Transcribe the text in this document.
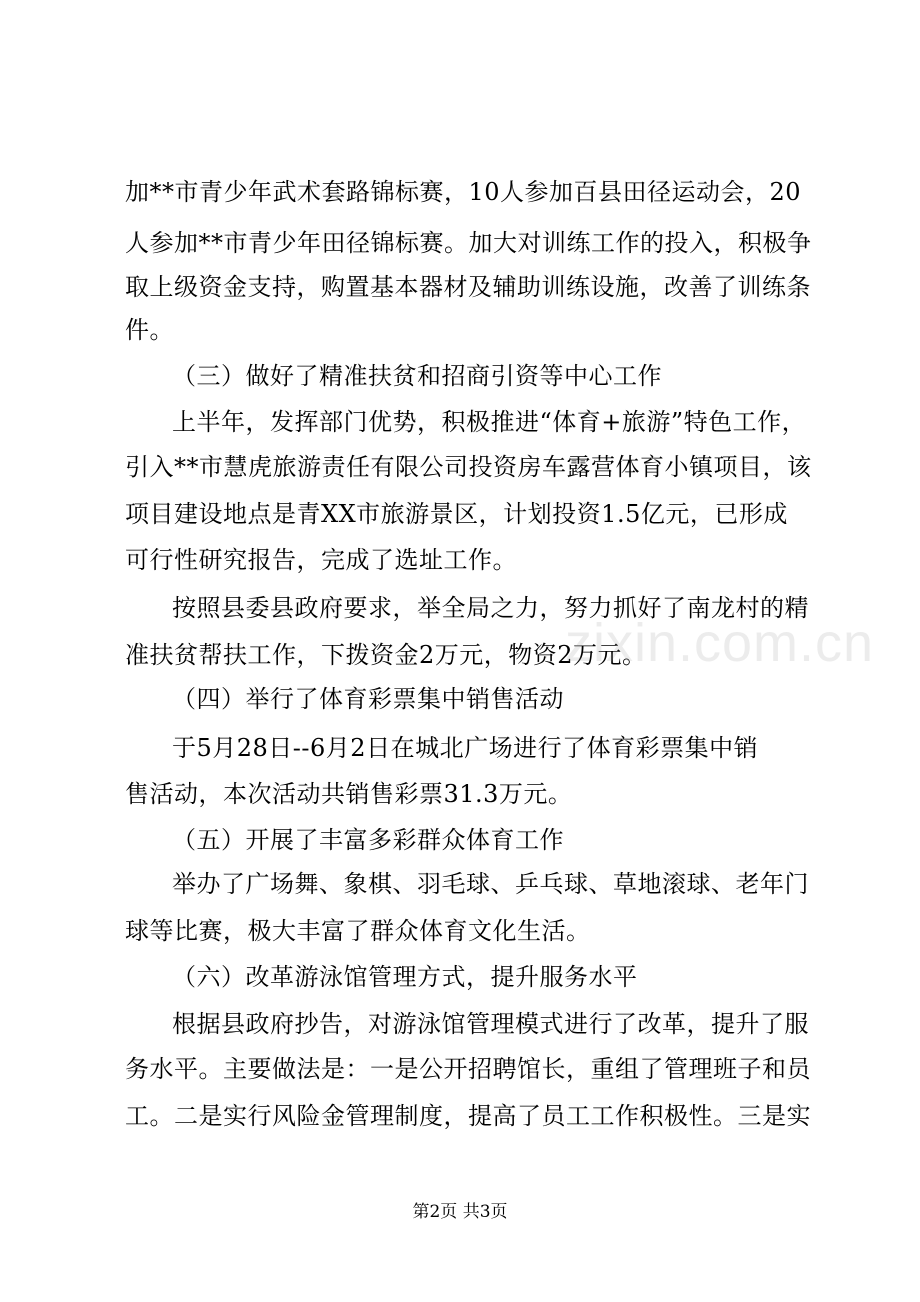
加**市青少年武术套路锦标赛，10人参加百县田径运动会，20
人参加**市青少年田径锦标赛。加大对训练工作的投入，积极争
取上级资金支持，购置基本器材及辅助训练设施，改善了训练条
件。
（三）做好了精准扶贫和招商引资等中心工作
上半年，发挥部门优势，积极推进“体育+旅游”特色工作，
引入**市慧虎旅游责任有限公司投资房车露营体育小镇项目，该
项目建设地点是青XX市旅游景区，计划投资1.5亿元，已形成
可行性研究报告，完成了选址工作。
按照县委县政府要求，举全局之力，努力抓好了南龙村的精
准扶贫帮扶工作，下拨资金2万元，物资2万元。
（四）举行了体育彩票集中销售活动
于5月28日--6月2日在城北广场进行了体育彩票集中销
售活动，本次活动共销售彩票31.3万元。
（五）开展了丰富多彩群众体育工作
举办了广场舞、象棋、羽毛球、乒乓球、草地滚球、老年门
球等比赛，极大丰富了群众体育文化生活。
（六）改革游泳馆管理方式，提升服务水平
根据县政府抄告，对游泳馆管理模式进行了改革，提升了服
务水平。主要做法是：一是公开招聘馆长，重组了管理班子和员
工。二是实行风险金管理制度，提高了员工工作积极性。三是实
zixin.com.cn
第2页 共3页
